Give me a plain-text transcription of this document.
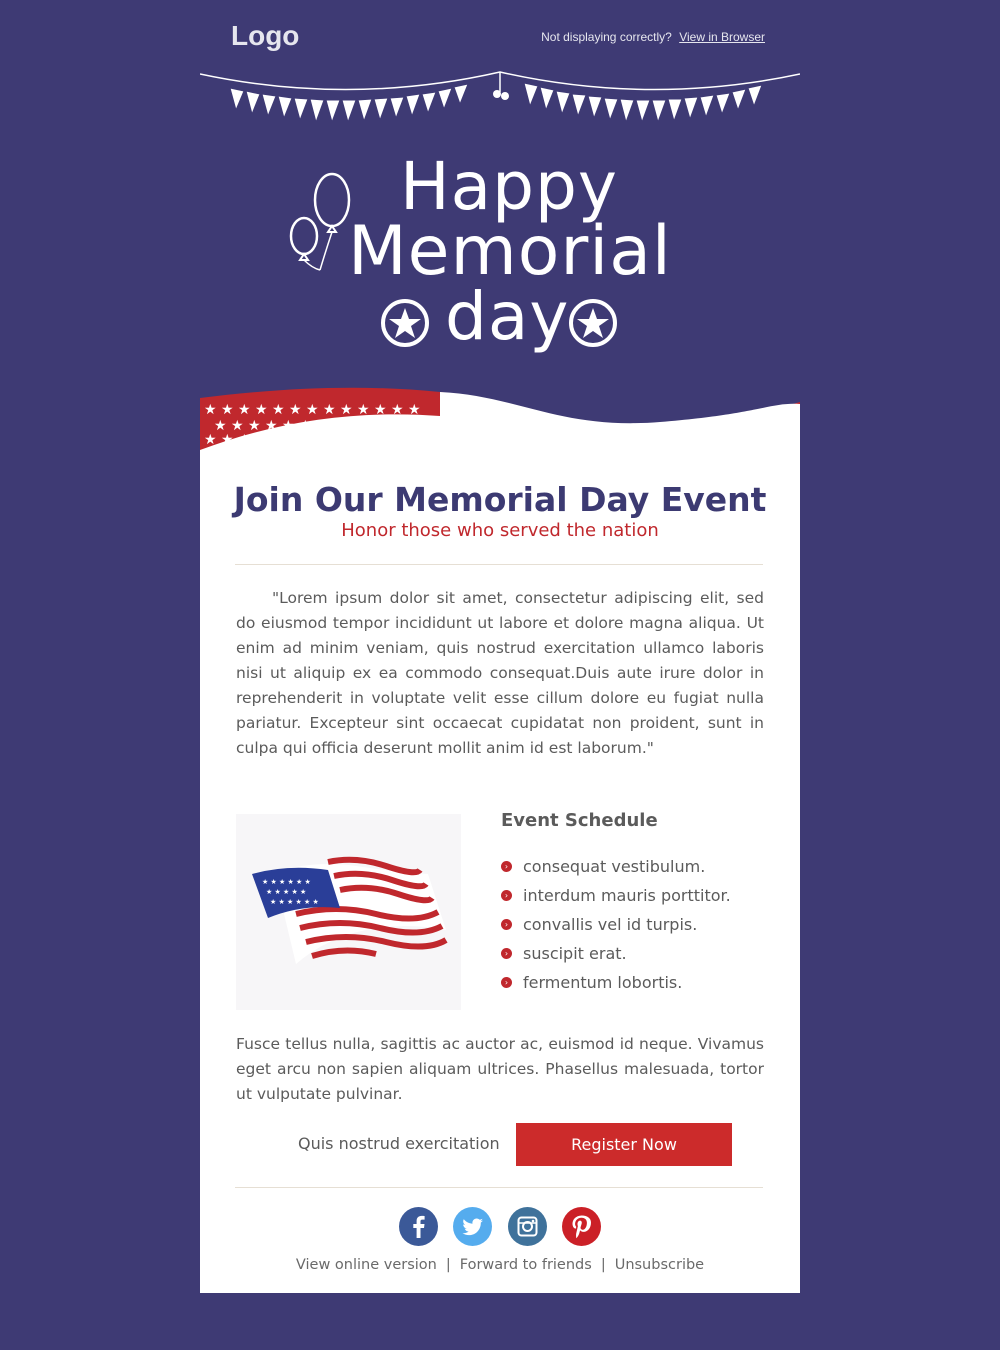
Logo	Not displaying correctly? View in Browser
Happy
Memorial
day
★ ★ ★ ★ ★ ★ ★ ★ ★ ★ ★ ★ ★
★ ★ ★ ★ ★ ★ ★ ★ ★ ★
★ ★ ★ ★ ★ ★
Join Our Memorial Day Event
Honor those who served the nation
"Lorem ipsum dolor sit amet, consectetur adipiscing elit, sed do eiusmod tempor incididunt ut labore et dolore magna aliqua. Ut enim ad minim veniam, quis nostrud exercitation ullamco laboris nisi ut aliquip ex ea commodo consequat.Duis aute irure dolor in reprehenderit in voluptate velit esse cillum dolore eu fugiat nulla pariatur. Excepteur sint occaecat cupidatat non proident, sunt in culpa qui officia deserunt mollit anim id est laborum."
★ ★ ★ ★ ★ ★
★ ★ ★ ★ ★
★ ★ ★ ★ ★ ★
Event Schedule
› consequat vestibulum.
› interdum mauris porttitor.
› convallis vel id turpis.
› suscipit erat.
› fermentum lobortis.
Fusce tellus nulla, sagittis ac auctor ac, euismod id neque. Vivamus eget arcu non sapien aliquam ultrices. Phasellus malesuada, tortor ut vulputate pulvinar.
Quis nostrud exercitation	Register Now

View online version | Forward to friends | Unsubscribe
